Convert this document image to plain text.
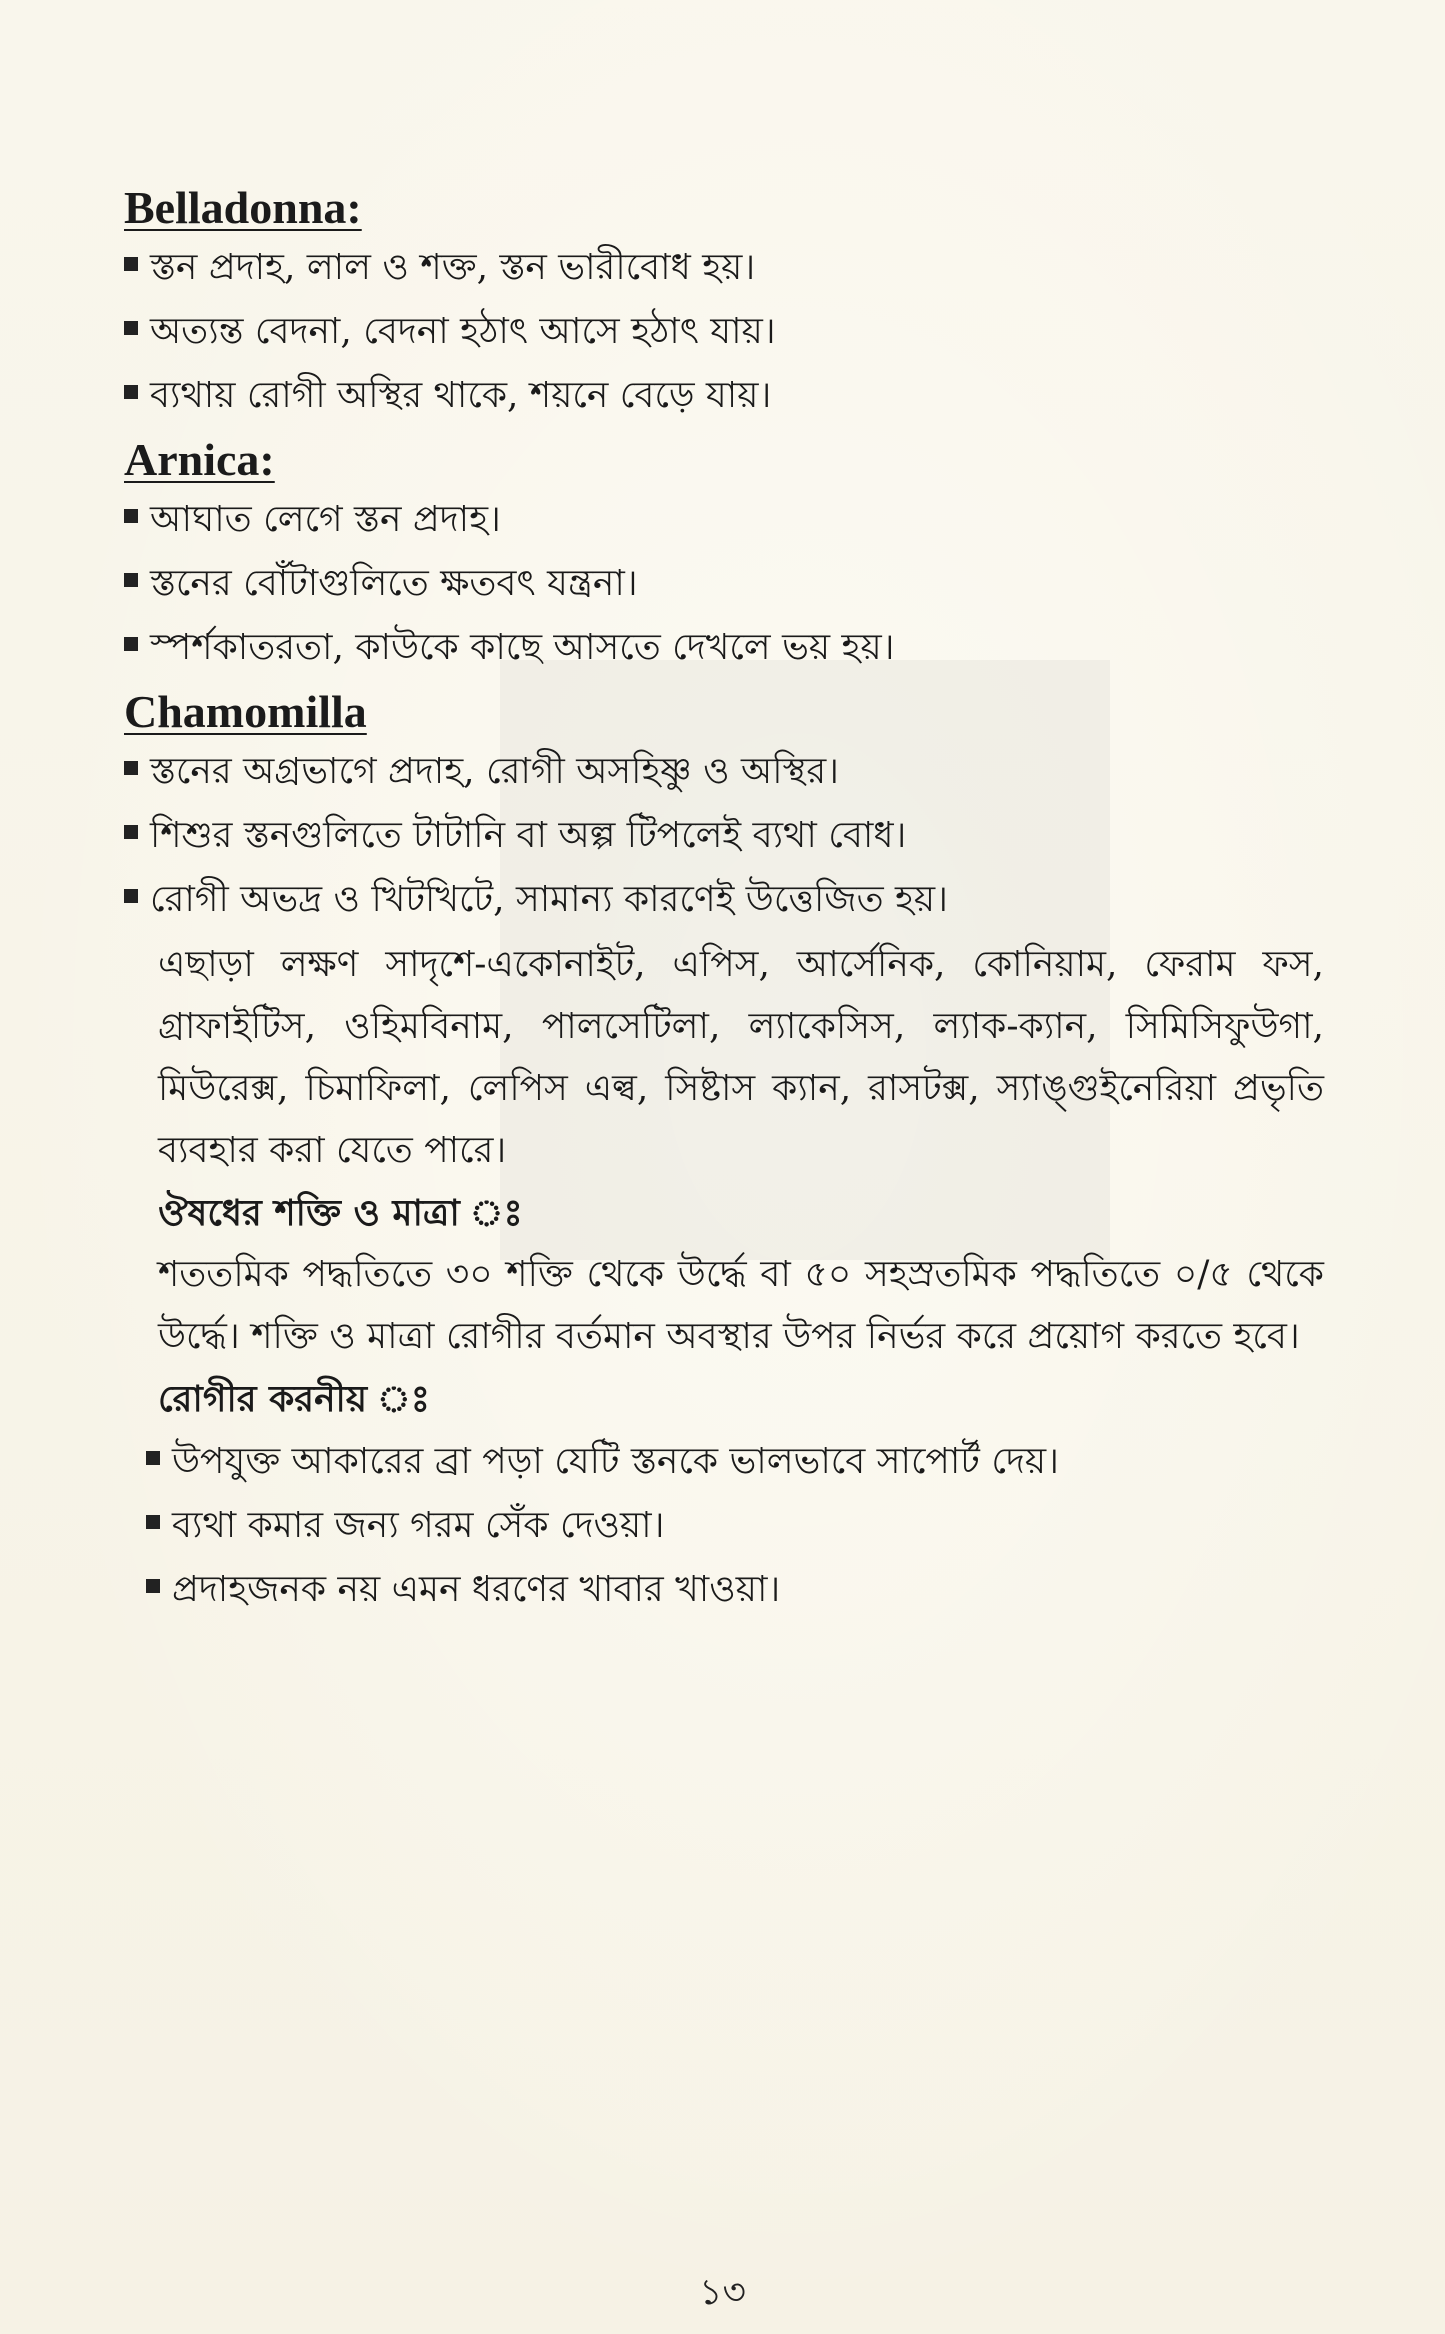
Belladonna:
স্তন প্রদাহ, লাল ও শক্ত, স্তন ভারীবোধ হয়।
অত্যন্ত বেদনা, বেদনা হঠাৎ আসে হঠাৎ যায়।
ব্যথায় রোগী অস্থির থাকে, শয়নে বেড়ে যায়।
Arnica:
আঘাত লেগে স্তন প্রদাহ।
স্তনের বোঁটাগুলিতে ক্ষতবৎ যন্ত্রনা।
স্পর্শকাতরতা, কাউকে কাছে আসতে দেখলে ভয় হয়।
Chamomilla
স্তনের অগ্রভাগে প্রদাহ, রোগী অসহিষ্ণু ও অস্থির।
শিশুর স্তনগুলিতে টাটানি বা অল্প টিপলেই ব্যথা বোধ।
রোগী অভদ্র ও খিটখিটে, সামান্য কারণেই উত্তেজিত হয়।

এছাড়া লক্ষণ সাদৃশে-একোনাইট, এপিস, আর্সেনিক, কোনিয়াম, ফেরাম ফস, গ্রাফাইটিস, ওহিমবিনাম, পালসেটিলা, ল্যাকেসিস, ল্যাক-ক্যান, সিমিসিফুউগা, মিউরেক্স, চিমাফিলা, লেপিস এল্ব, সিষ্টাস ক্যান, রাসটক্স, স্যাঙ্গুইনেরিয়া প্রভৃতি ব্যবহার করা যেতে পারে।

ঔষধের শক্তি ও মাত্রা ঃ

শততমিক পদ্ধতিতে ৩০ শক্তি থেকে উর্দ্ধে বা ৫০ সহস্রতমিক পদ্ধতিতে ০/৫ থেকে উর্দ্ধে। শক্তি ও মাত্রা রোগীর বর্তমান অবস্থার উপর নির্ভর করে প্রয়োগ করতে হবে।

রোগীর করনীয় ঃ

উপযুক্ত আকারের ব্রা পড়া যেটি স্তনকে ভালভাবে সাপোর্ট দেয়।
ব্যথা কমার জন্য গরম সেঁক দেওয়া।
প্রদাহজনক নয় এমন ধরণের খাবার খাওয়া।
১৩
